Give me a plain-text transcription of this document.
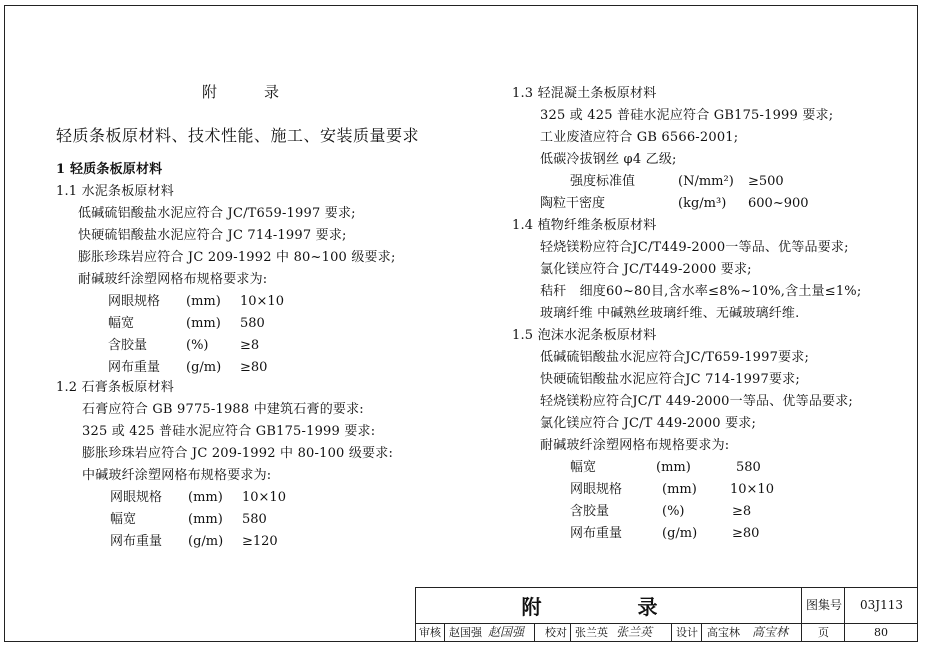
附　录
轻质条板原材料、技术性能、施工、安装质量要求
1 轻质条板原材料
1.1 水泥条板原材料
低碱硫铝酸盐水泥应符合 JC/T659-1997 要求;
快硬硫铝酸盐水泥应符合 JC 714-1997 要求;
膨胀珍珠岩应符合 JC 209-1992 中 80~100 级要求;
耐碱玻纤涂塑网格布规格要求为:
网眼规格 (mm) 10×10
幅宽	(mm) 580
含胶量	(%) ≥8
网布重量 (g/m) ≥80
1.2 石膏条板原材料
石膏应符合 GB 9775-1988 中建筑石膏的要求:
325 或 425 普硅水泥应符合 GB175-1999 要求:
膨胀珍珠岩应符合 JC 209-1992 中 80-100 级要求:
中碱玻纤涂塑网格布规格要求为:
网眼规格 (mm) 10×10
幅宽	(mm) 580
网布重量 (g/m) ≥120
1.3 轻混凝土条板原材料
325 或 425 普硅水泥应符合 GB175-1999 要求;
工业废渣应符合 GB 6566-2001;
低碳冷拔钢丝 φ4 乙级;
强度标准值	(N/mm²) ≥500
陶粒干密度	(kg/m³) 600~900
1.4 植物纤维条板原材料
轻烧镁粉应符合JC/T449-2000一等品、优等品要求;
氯化镁应符合 JC/T449-2000 要求;
秸秆　细度60~80目,含水率≤8%~10%,含土量≤1%;
玻璃纤维 中碱熟丝玻璃纤维、无碱玻璃纤维.
1.5 泡沫水泥条板原材料
低碱硫铝酸盐水泥应符合JC/T659-1997要求;
快硬硫铝酸盐水泥应符合JC 714-1997要求;
轻烧镁粉应符合JC/T 449-2000一等品、优等品要求;
氯化镁应符合 JC/T 449-2000 要求;
耐碱玻纤涂塑网格布规格要求为:
幅宽	(mm)	580
网眼规格	(mm)	10×10
含胶量	(%)	≥8
网布重量	(g/m)	≥80
附　录	图集号 03J113
审核 赵国强 赵国强 校对 张兰英 张兰英 设计 高宝林 高宝林	页	80
